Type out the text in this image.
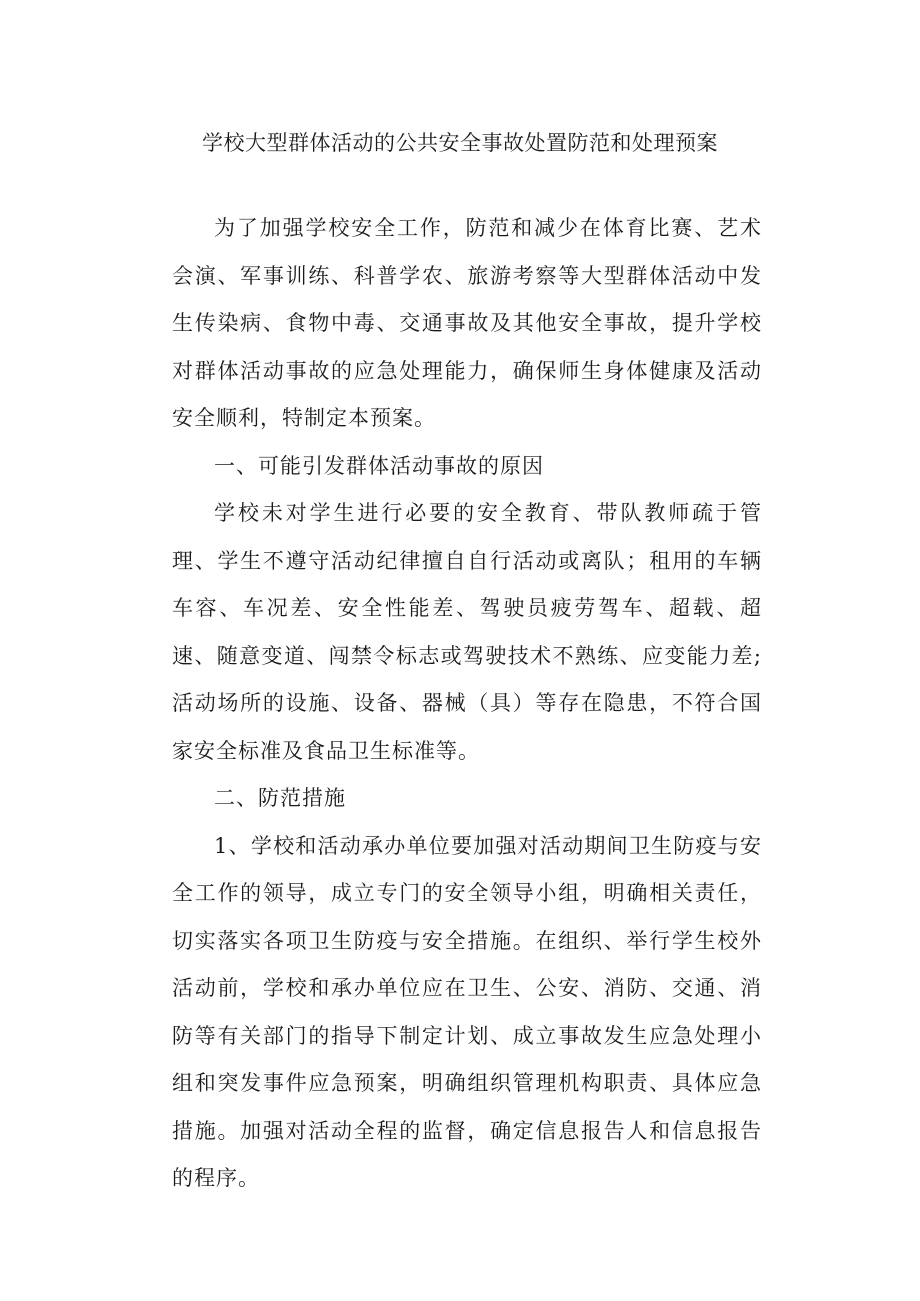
学校大型群体活动的公共安全事故处置防范和处理预案

为了加强学校安全工作，防范和减少在体育比赛、艺术会演、军事训练、科普学农、旅游考察等大型群体活动中发生传染病、食物中毒、交通事故及其他安全事故，提升学校对群体活动事故的应急处理能力，确保师生身体健康及活动安全顺利，特制定本预案。

一、可能引发群体活动事故的原因

学校未对学生进行必要的安全教育、带队教师疏于管理、学生不遵守活动纪律擅自自行活动或离队；租用的车辆车容、车况差、安全性能差、驾驶员疲劳驾车、超载、超速、随意变道、闯禁令标志或驾驶技术不熟练、应变能力差;活动场所的设施、设备、器械（具）等存在隐患，不符合国家安全标准及食品卫生标准等。

二、防范措施

1、学校和活动承办单位要加强对活动期间卫生防疫与安全工作的领导，成立专门的安全领导小组，明确相关责任，切实落实各项卫生防疫与安全措施。在组织、举行学生校外活动前，学校和承办单位应在卫生、公安、消防、交通、消防等有关部门的指导下制定计划、成立事故发生应急处理小组和突发事件应急预案，明确组织管理机构职责、具体应急措施。加强对活动全程的监督，确定信息报告人和信息报告的程序。
